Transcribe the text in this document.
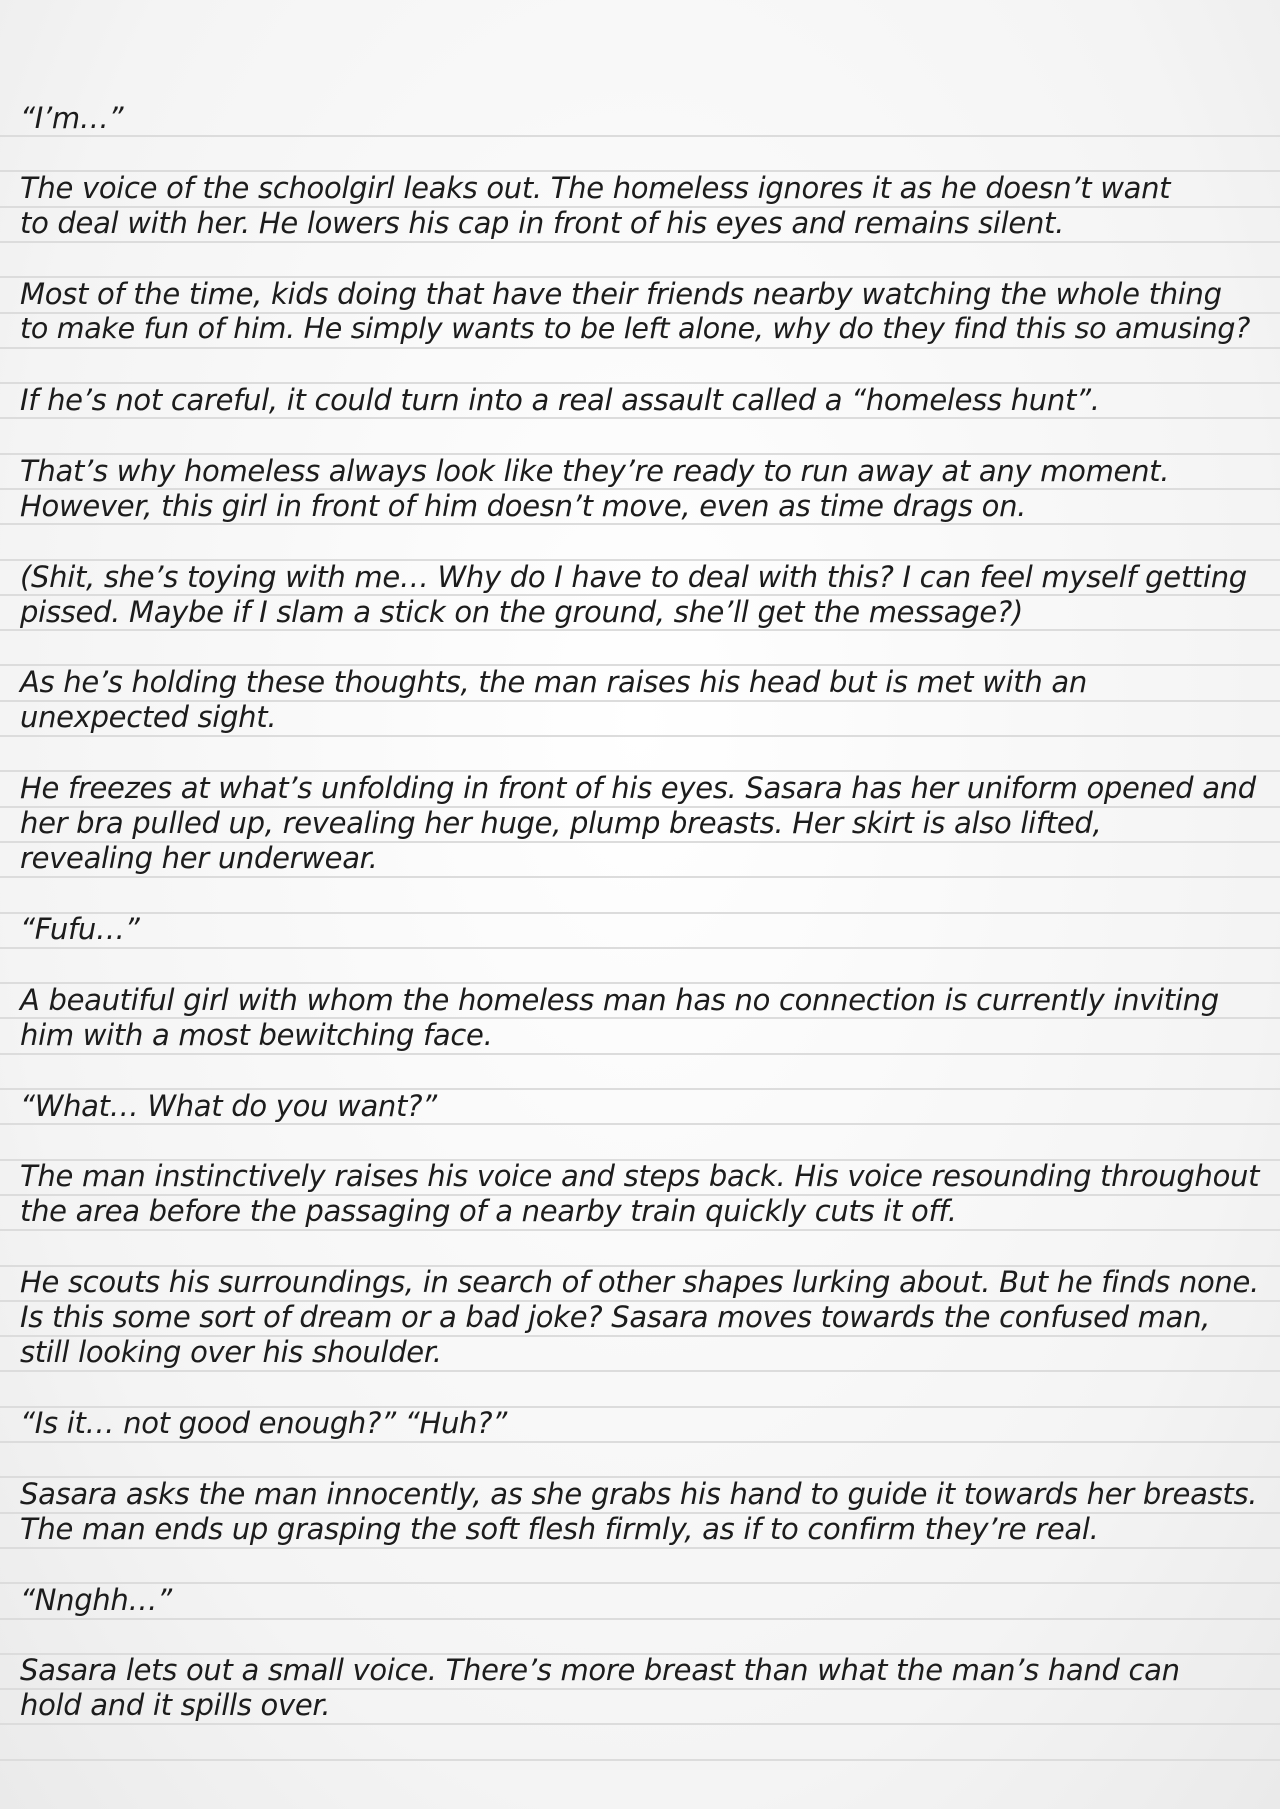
“I’m…”
The voice of the schoolgirl leaks out. The homeless ignores it as he doesn’t want
to deal with her. He lowers his cap in front of his eyes and remains silent.
Most of the time, kids doing that have their friends nearby watching the whole thing
to make fun of him. He simply wants to be left alone, why do they find this so amusing?
If he’s not careful, it could turn into a real assault called a “homeless hunt”.
That’s why homeless always look like they’re ready to run away at any moment.
However, this girl in front of him doesn’t move, even as time drags on.
(Shit, she’s toying with me… Why do I have to deal with this? I can feel myself getting
pissed. Maybe if I slam a stick on the ground, she’ll get the message?)
As he’s holding these thoughts, the man raises his head but is met with an
unexpected sight.
He freezes at what’s unfolding in front of his eyes. Sasara has her uniform opened and
her bra pulled up, revealing her huge, plump breasts. Her skirt is also lifted,
revealing her underwear.
“Fufu…”
A beautiful girl with whom the homeless man has no connection is currently inviting
him with a most bewitching face.
“What… What do you want?”
The man instinctively raises his voice and steps back. His voice resounding throughout
the area before the passaging of a nearby train quickly cuts it off.
He scouts his surroundings, in search of other shapes lurking about. But he finds none.
Is this some sort of dream or a bad joke? Sasara moves towards the confused man,
still looking over his shoulder.
“Is it… not good enough?” “Huh?”
Sasara asks the man innocently, as she grabs his hand to guide it towards her breasts.
The man ends up grasping the soft flesh firmly, as if to confirm they’re real.
“Nnghh…”
Sasara lets out a small voice. There’s more breast than what the man’s hand can
hold and it spills over.
